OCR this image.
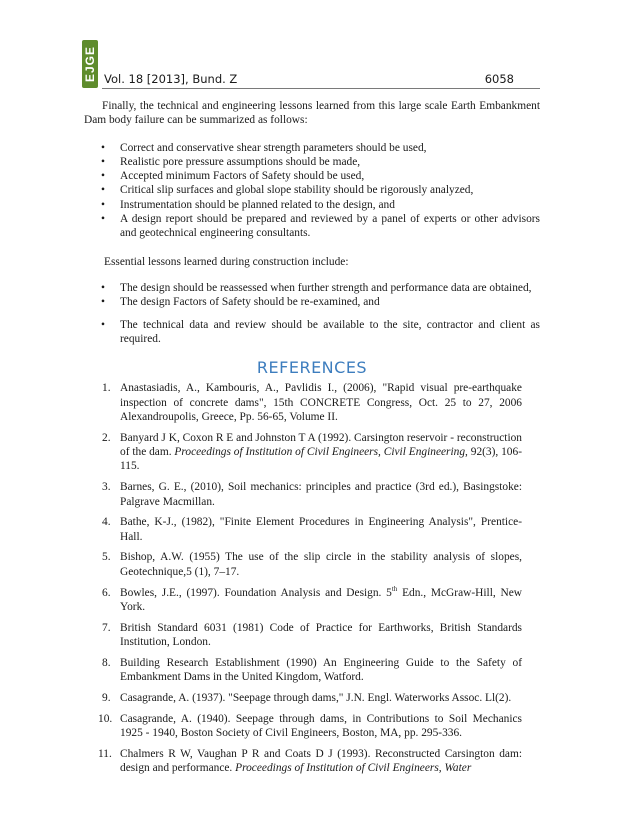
EJGE Vol. 18 [2013], Bund. Z	6058

Finally, the technical and engineering lessons learned from this large scale Earth Embankment Dam body failure can be summarized as follows:

• Correct and conservative shear strength parameters should be used,
• Realistic pore pressure assumptions should be made,
• Accepted minimum Factors of Safety should be used,
• Critical slip surfaces and global slope stability should be rigorously analyzed,
• Instrumentation should be planned related to the design, and
• A design report should be prepared and reviewed by a panel of experts or other advisors and geotechnical engineering consultants.

Essential lessons learned during construction include:

• The design should be reassessed when further strength and performance data are obtained,
• The design Factors of Safety should be re-examined, and
• The technical data and review should be available to the site, contractor and client as required.
REFERENCES
1. Anastasiadis, A., Kambouris, A., Pavlidis I., (2006), "Rapid visual pre-earthquake inspection of concrete dams", 15th CONCRETE Congress, Oct. 25 to 27, 2006 Alexandroupolis, Greece, Pp. 56-65, Volume II.
2. Banyard J K, Coxon R E and Johnston T A (1992). Carsington reservoir - reconstruction of the dam. Proceedings of Institution of Civil Engineers, Civil Engineering, 92(3), 106-115.
3. Barnes, G. E., (2010), Soil mechanics: principles and practice (3rd ed.), Basingstoke: Palgrave Macmillan.
4. Bathe, K-J., (1982), "Finite Element Procedures in Engineering Analysis", Prentice-Hall.
5. Bishop, A.W. (1955) The use of the slip circle in the stability analysis of slopes, Geotechnique,5 (1), 7–17.
6. Bowles, J.E., (1997). Foundation Analysis and Design. 5th Edn., McGraw-Hill, New York.
7. British Standard 6031 (1981) Code of Practice for Earthworks, British Standards Institution, London.
8. Building Research Establishment (1990) An Engineering Guide to the Safety of Embankment Dams in the United Kingdom, Watford.
9. Casagrande, A. (1937). "Seepage through dams," J.N. Engl. Waterworks Assoc. Ll(2).
10. Casagrande, A. (1940). Seepage through dams, in Contributions to Soil Mechanics 1925 - 1940, Boston Society of Civil Engineers, Boston, MA, pp. 295-336.
11. Chalmers R W, Vaughan P R and Coats D J (1993). Reconstructed Carsington dam: design and performance. Proceedings of Institution of Civil Engineers, Water
